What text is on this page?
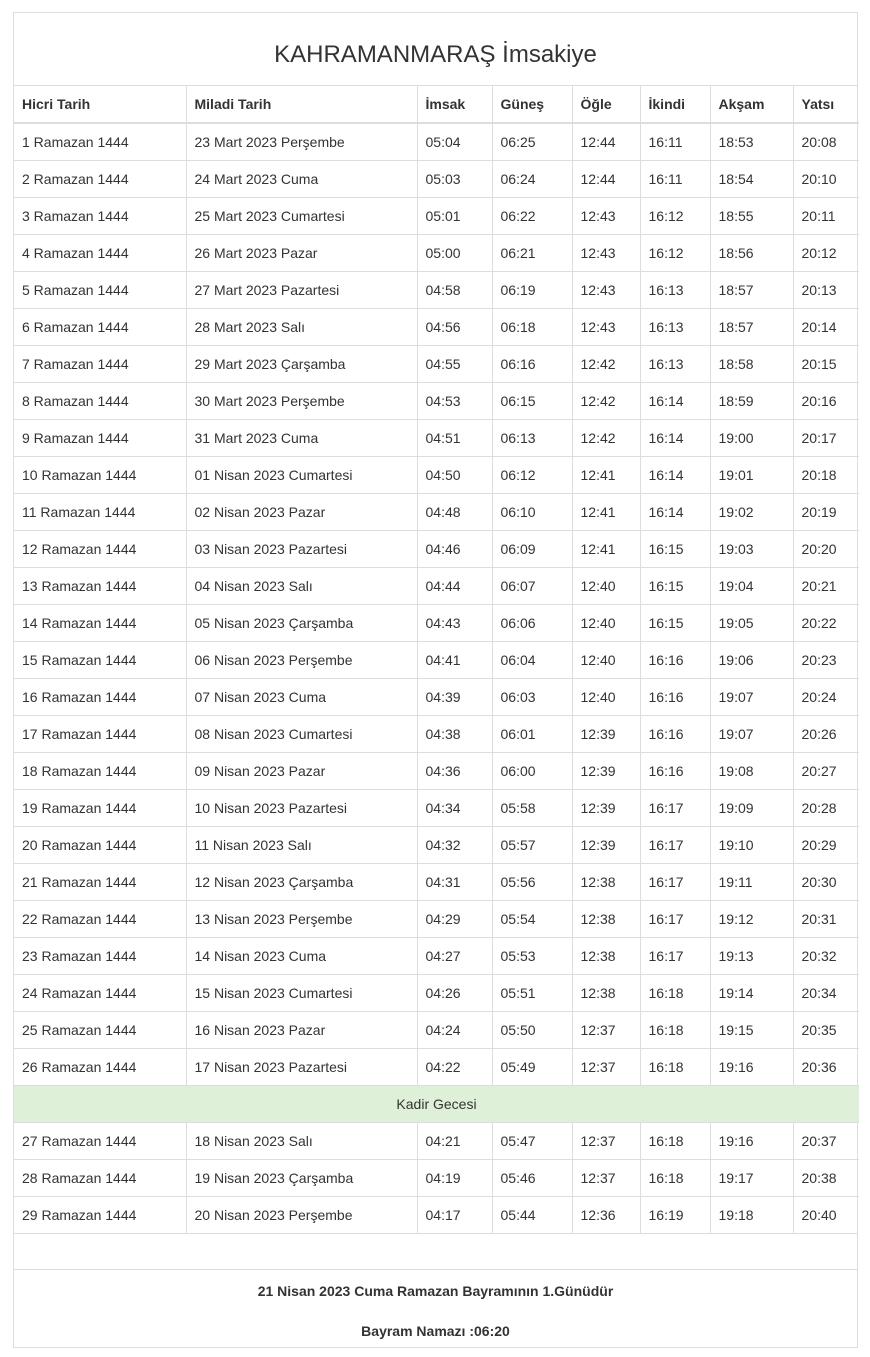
KAHRAMANMARAŞ İmsakiye
Hicri Tarih	Miladi Tarih	İmsak	Güneş	Öğle	İkindi	Akşam	Yatsı
1 Ramazan 1444	23 Mart 2023 Perşembe	05:04	06:25	12:44	16:11	18:53	20:08
2 Ramazan 1444	24 Mart 2023 Cuma	05:03	06:24	12:44	16:11	18:54	20:10
3 Ramazan 1444	25 Mart 2023 Cumartesi	05:01	06:22	12:43	16:12	18:55	20:11
4 Ramazan 1444	26 Mart 2023 Pazar	05:00	06:21	12:43	16:12	18:56	20:12
5 Ramazan 1444	27 Mart 2023 Pazartesi	04:58	06:19	12:43	16:13	18:57	20:13
6 Ramazan 1444	28 Mart 2023 Salı	04:56	06:18	12:43	16:13	18:57	20:14
7 Ramazan 1444	29 Mart 2023 Çarşamba	04:55	06:16	12:42	16:13	18:58	20:15
8 Ramazan 1444	30 Mart 2023 Perşembe	04:53	06:15	12:42	16:14	18:59	20:16
9 Ramazan 1444	31 Mart 2023 Cuma	04:51	06:13	12:42	16:14	19:00	20:17
10 Ramazan 1444	01 Nisan 2023 Cumartesi	04:50	06:12	12:41	16:14	19:01	20:18
11 Ramazan 1444	02 Nisan 2023 Pazar	04:48	06:10	12:41	16:14	19:02	20:19
12 Ramazan 1444	03 Nisan 2023 Pazartesi	04:46	06:09	12:41	16:15	19:03	20:20
13 Ramazan 1444	04 Nisan 2023 Salı	04:44	06:07	12:40	16:15	19:04	20:21
14 Ramazan 1444	05 Nisan 2023 Çarşamba	04:43	06:06	12:40	16:15	19:05	20:22
15 Ramazan 1444	06 Nisan 2023 Perşembe	04:41	06:04	12:40	16:16	19:06	20:23
16 Ramazan 1444	07 Nisan 2023 Cuma	04:39	06:03	12:40	16:16	19:07	20:24
17 Ramazan 1444	08 Nisan 2023 Cumartesi	04:38	06:01	12:39	16:16	19:07	20:26
18 Ramazan 1444	09 Nisan 2023 Pazar	04:36	06:00	12:39	16:16	19:08	20:27
19 Ramazan 1444	10 Nisan 2023 Pazartesi	04:34	05:58	12:39	16:17	19:09	20:28
20 Ramazan 1444	11 Nisan 2023 Salı	04:32	05:57	12:39	16:17	19:10	20:29
21 Ramazan 1444	12 Nisan 2023 Çarşamba	04:31	05:56	12:38	16:17	19:11	20:30
22 Ramazan 1444	13 Nisan 2023 Perşembe	04:29	05:54	12:38	16:17	19:12	20:31
23 Ramazan 1444	14 Nisan 2023 Cuma	04:27	05:53	12:38	16:17	19:13	20:32
24 Ramazan 1444	15 Nisan 2023 Cumartesi	04:26	05:51	12:38	16:18	19:14	20:34
25 Ramazan 1444	16 Nisan 2023 Pazar	04:24	05:50	12:37	16:18	19:15	20:35
26 Ramazan 1444	17 Nisan 2023 Pazartesi	04:22	05:49	12:37	16:18	19:16	20:36
Kadir Gecesi							
27 Ramazan 1444	18 Nisan 2023 Salı	04:21	05:47	12:37	16:18	19:16	20:37
28 Ramazan 1444	19 Nisan 2023 Çarşamba	04:19	05:46	12:37	16:18	19:17	20:38
29 Ramazan 1444	20 Nisan 2023 Perşembe	04:17	05:44	12:36	16:19	19:18	20:40
21 Nisan 2023 Cuma Ramazan Bayramının 1.Günüdür
Bayram Namazı :06:20
